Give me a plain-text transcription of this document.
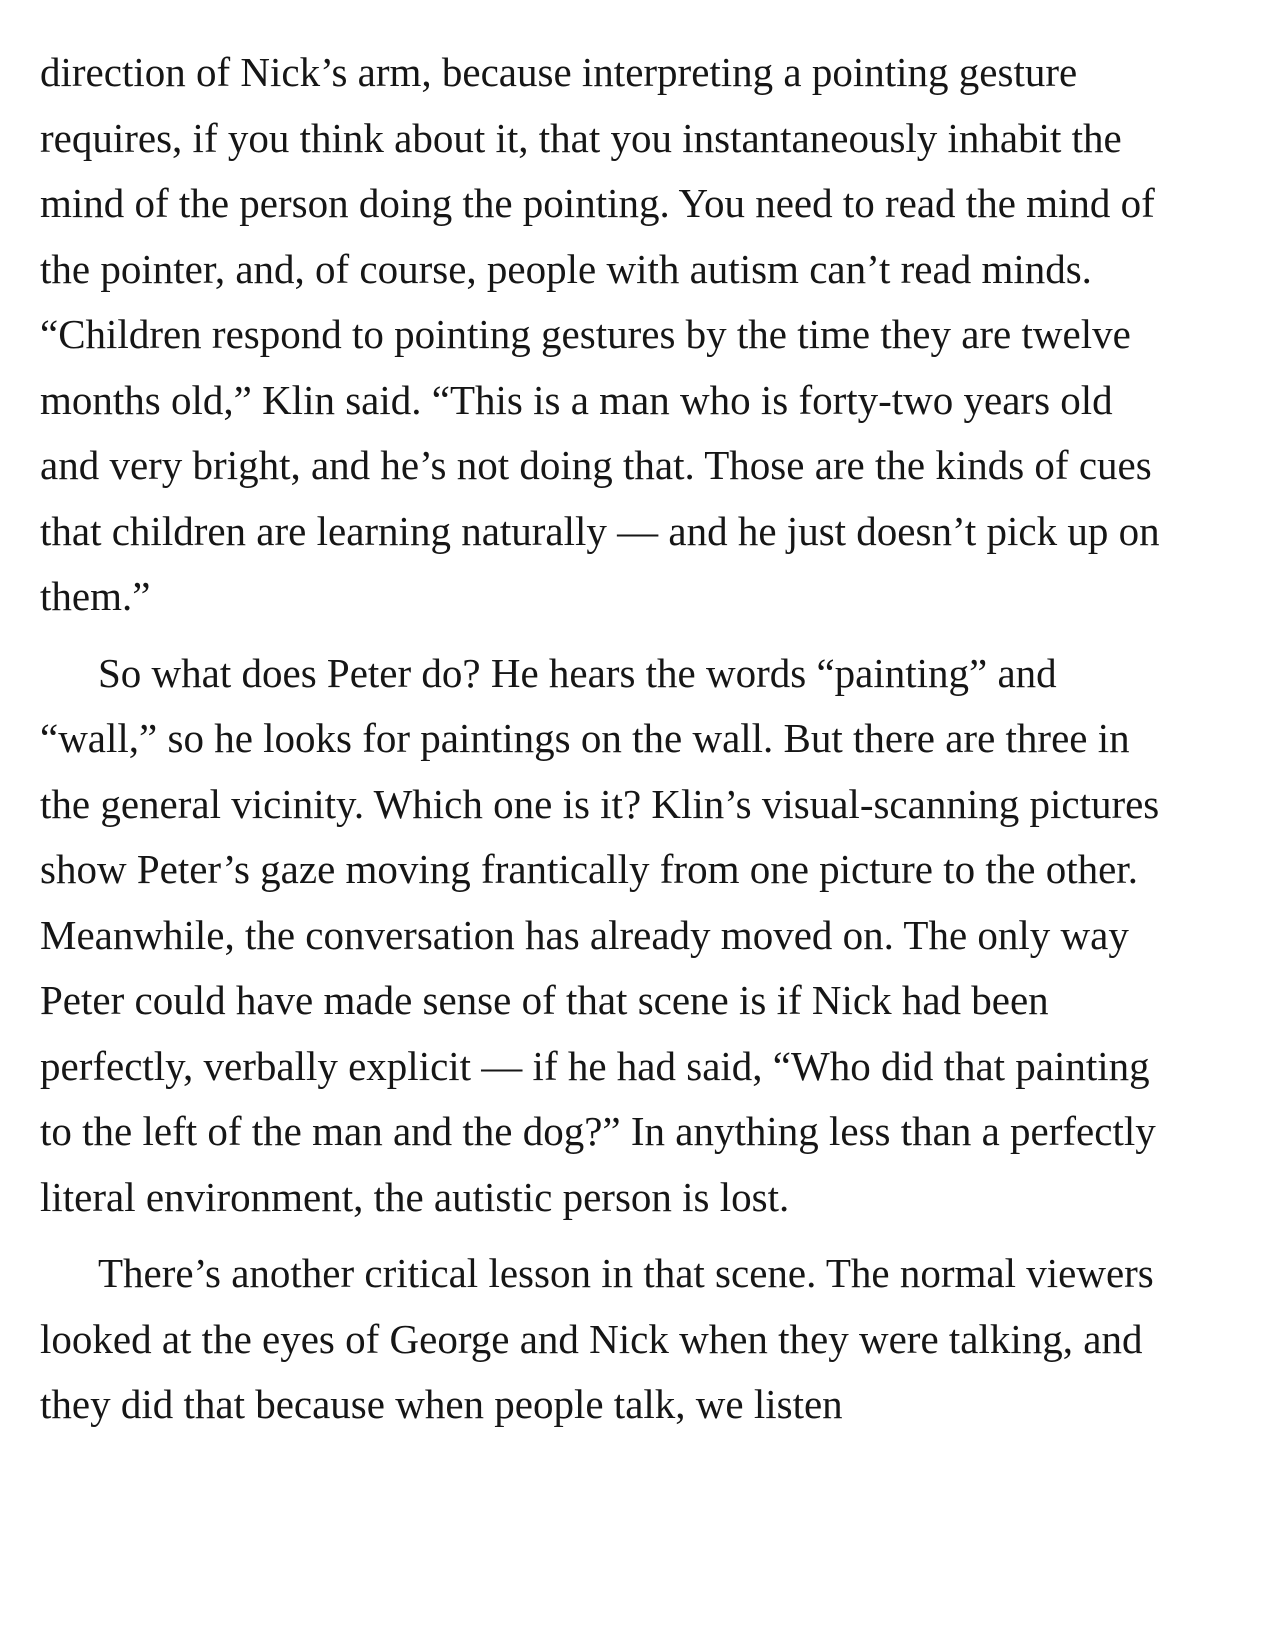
direction of Nick’s arm, because interpreting a pointing gesture requires, if you think about it, that you instantaneously inhabit the mind of the person doing the pointing. You need to read the mind of the pointer, and, of course, people with autism can’t read minds. “Children respond to pointing gestures by the time they are twelve months old,” Klin said. “This is a man who is forty-two years old and very bright, and he’s not doing that. Those are the kinds of cues that children are learning naturally — and he just doesn’t pick up on them.”

So what does Peter do? He hears the words “painting” and “wall,” so he looks for paintings on the wall. But there are three in the general vicinity. Which one is it? Klin’s visual-scanning pictures show Peter’s gaze moving frantically from one picture to the other. Meanwhile, the conversation has already moved on. The only way Peter could have made sense of that scene is if Nick had been perfectly, verbally explicit — if he had said, “Who did that painting to the left of the man and the dog?” In anything less than a perfectly literal environment, the autistic person is lost.

There’s another critical lesson in that scene. The normal viewers looked at the eyes of George and Nick when they were talking, and they did that because when people talk, we listen
